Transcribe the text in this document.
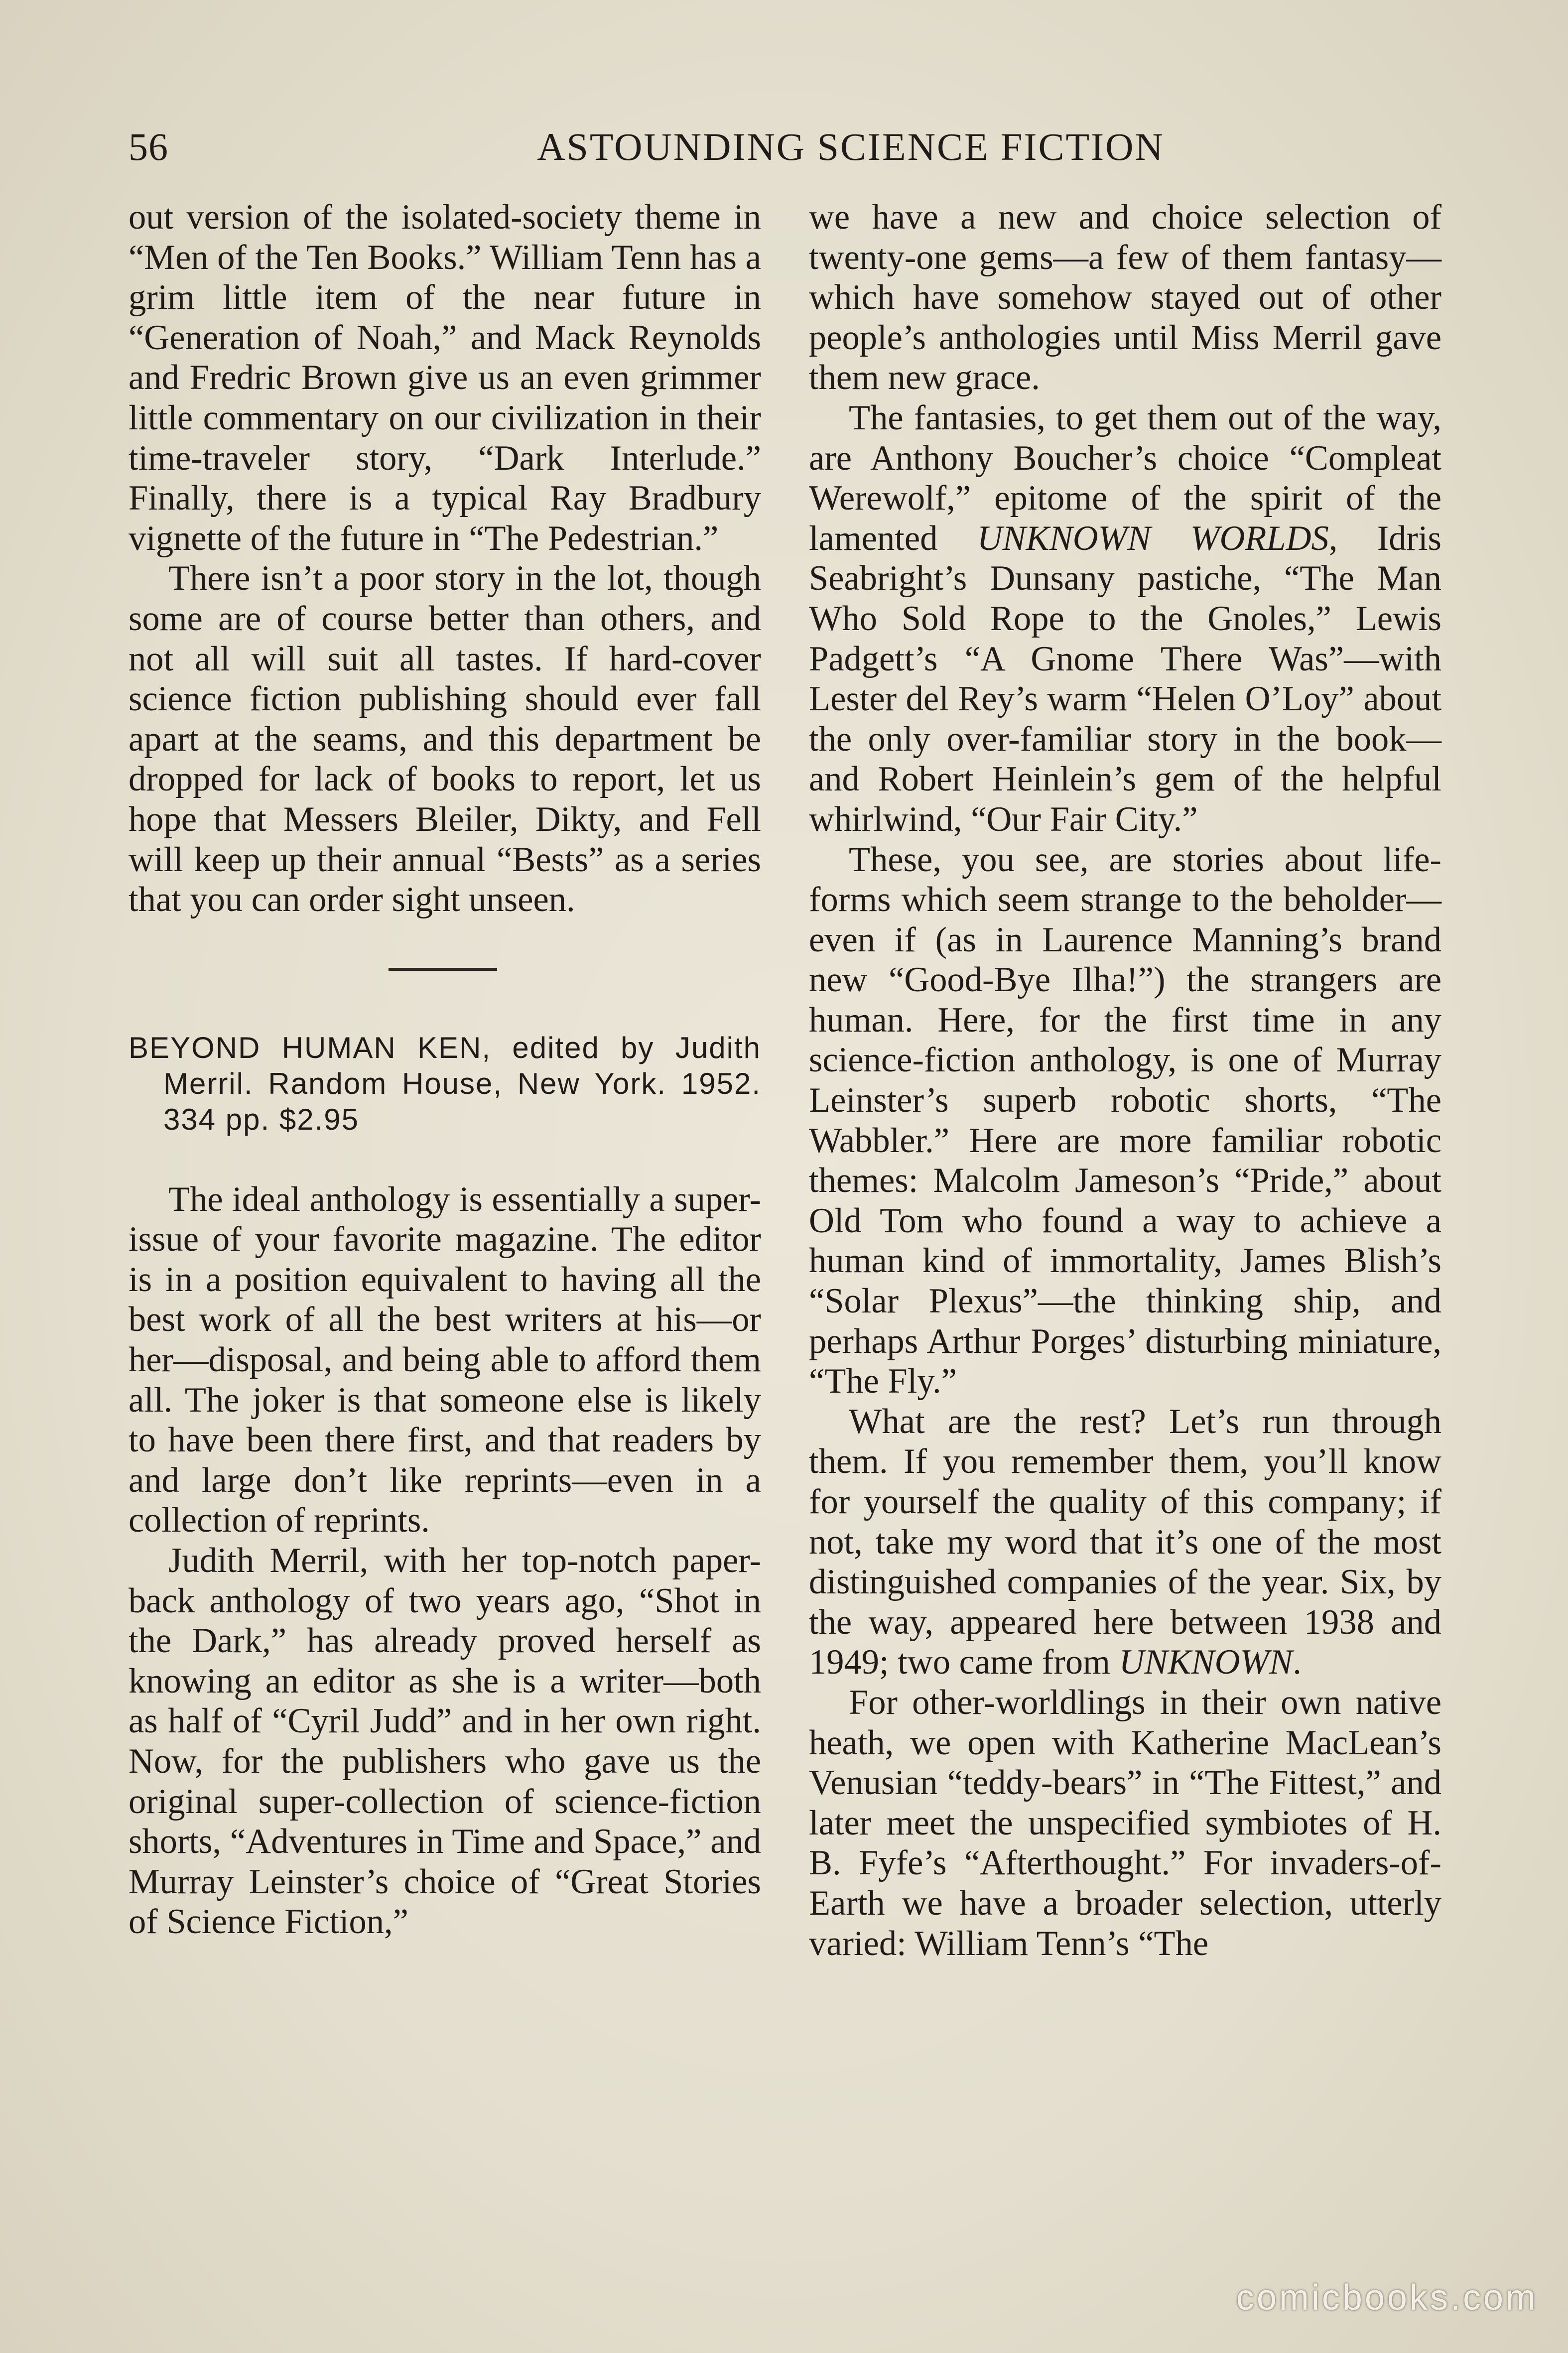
56	ASTOUNDING SCIENCE FICTION

out version of the isolated-society theme in “Men of the Ten Books.” William Tenn has a grim little item of the near future in “Generation of Noah,” and Mack Reynolds and Fredric Brown give us an even grimmer little commentary on our civilization in their time-traveler story, “Dark Interlude.” Finally, there is a typical Ray Bradbury vignette of the future in “The Pedestrian.”

There isn’t a poor story in the lot, though some are of course better than others, and not all will suit all tastes. If hard-cover science fiction publishing should ever fall apart at the seams, and this department be dropped for lack of books to report, let us hope that Messers Bleiler, Dikty, and Fell will keep up their annual “Bests” as a series that you can order sight unseen.

BEYOND HUMAN KEN, edited by Judith Merril. Random House, New York. 1952. 334 pp. $2.95

The ideal anthology is essentially a super-issue of your favorite magazine. The editor is in a position equivalent to having all the best work of all the best writers at his—or her—disposal, and being able to afford them all. The joker is that someone else is likely to have been there first, and that readers by and large don’t like reprints—even in a collection of reprints.

Judith Merril, with her top-notch paper-back anthology of two years ago, “Shot in the Dark,” has already proved herself as knowing an editor as she is a writer—both as half of “Cyril Judd” and in her own right. Now, for the publishers who gave us the original super-collection of science-fiction shorts, “Adventures in Time and Space,” and Murray Leinster’s choice of “Great Stories of Science Fiction,”

we have a new and choice selection of twenty-one gems—a few of them fantasy—which have somehow stayed out of other people’s anthologies until Miss Merril gave them new grace.

The fantasies, to get them out of the way, are Anthony Boucher’s choice “Compleat Werewolf,” epitome of the spirit of the lamented UNKNOWN WORLDS, Idris Seabright’s Dunsany pastiche, “The Man Who Sold Rope to the Gnoles,” Lewis Padgett’s “A Gnome There Was”—with Lester del Rey’s warm “Helen O’Loy” about the only over-familiar story in the book—and Robert Heinlein’s gem of the helpful whirlwind, “Our Fair City.”

These, you see, are stories about life-forms which seem strange to the beholder—even if (as in Laurence Manning’s brand new “Good-Bye Ilha!”) the strangers are human. Here, for the first time in any science-fiction anthology, is one of Murray Leinster’s superb robotic shorts, “The Wabbler.” Here are more familiar robotic themes: Malcolm Jameson’s “Pride,” about Old Tom who found a way to achieve a human kind of immortality, James Blish’s “Solar Plexus”—the thinking ship, and perhaps Arthur Porges’ disturbing miniature, “The Fly.”

What are the rest? Let’s run through them. If you remember them, you’ll know for yourself the quality of this company; if not, take my word that it’s one of the most distinguished companies of the year. Six, by the way, appeared here between 1938 and 1949; two came from UNKNOWN.

For other-worldlings in their own native heath, we open with Katherine MacLean’s Venusian “teddy-bears” in “The Fittest,” and later meet the unspecified symbiotes of H. B. Fyfe’s “Afterthought.” For invaders-of-Earth we have a broader selection, utterly varied: William Tenn’s “The

comicbooks.com
